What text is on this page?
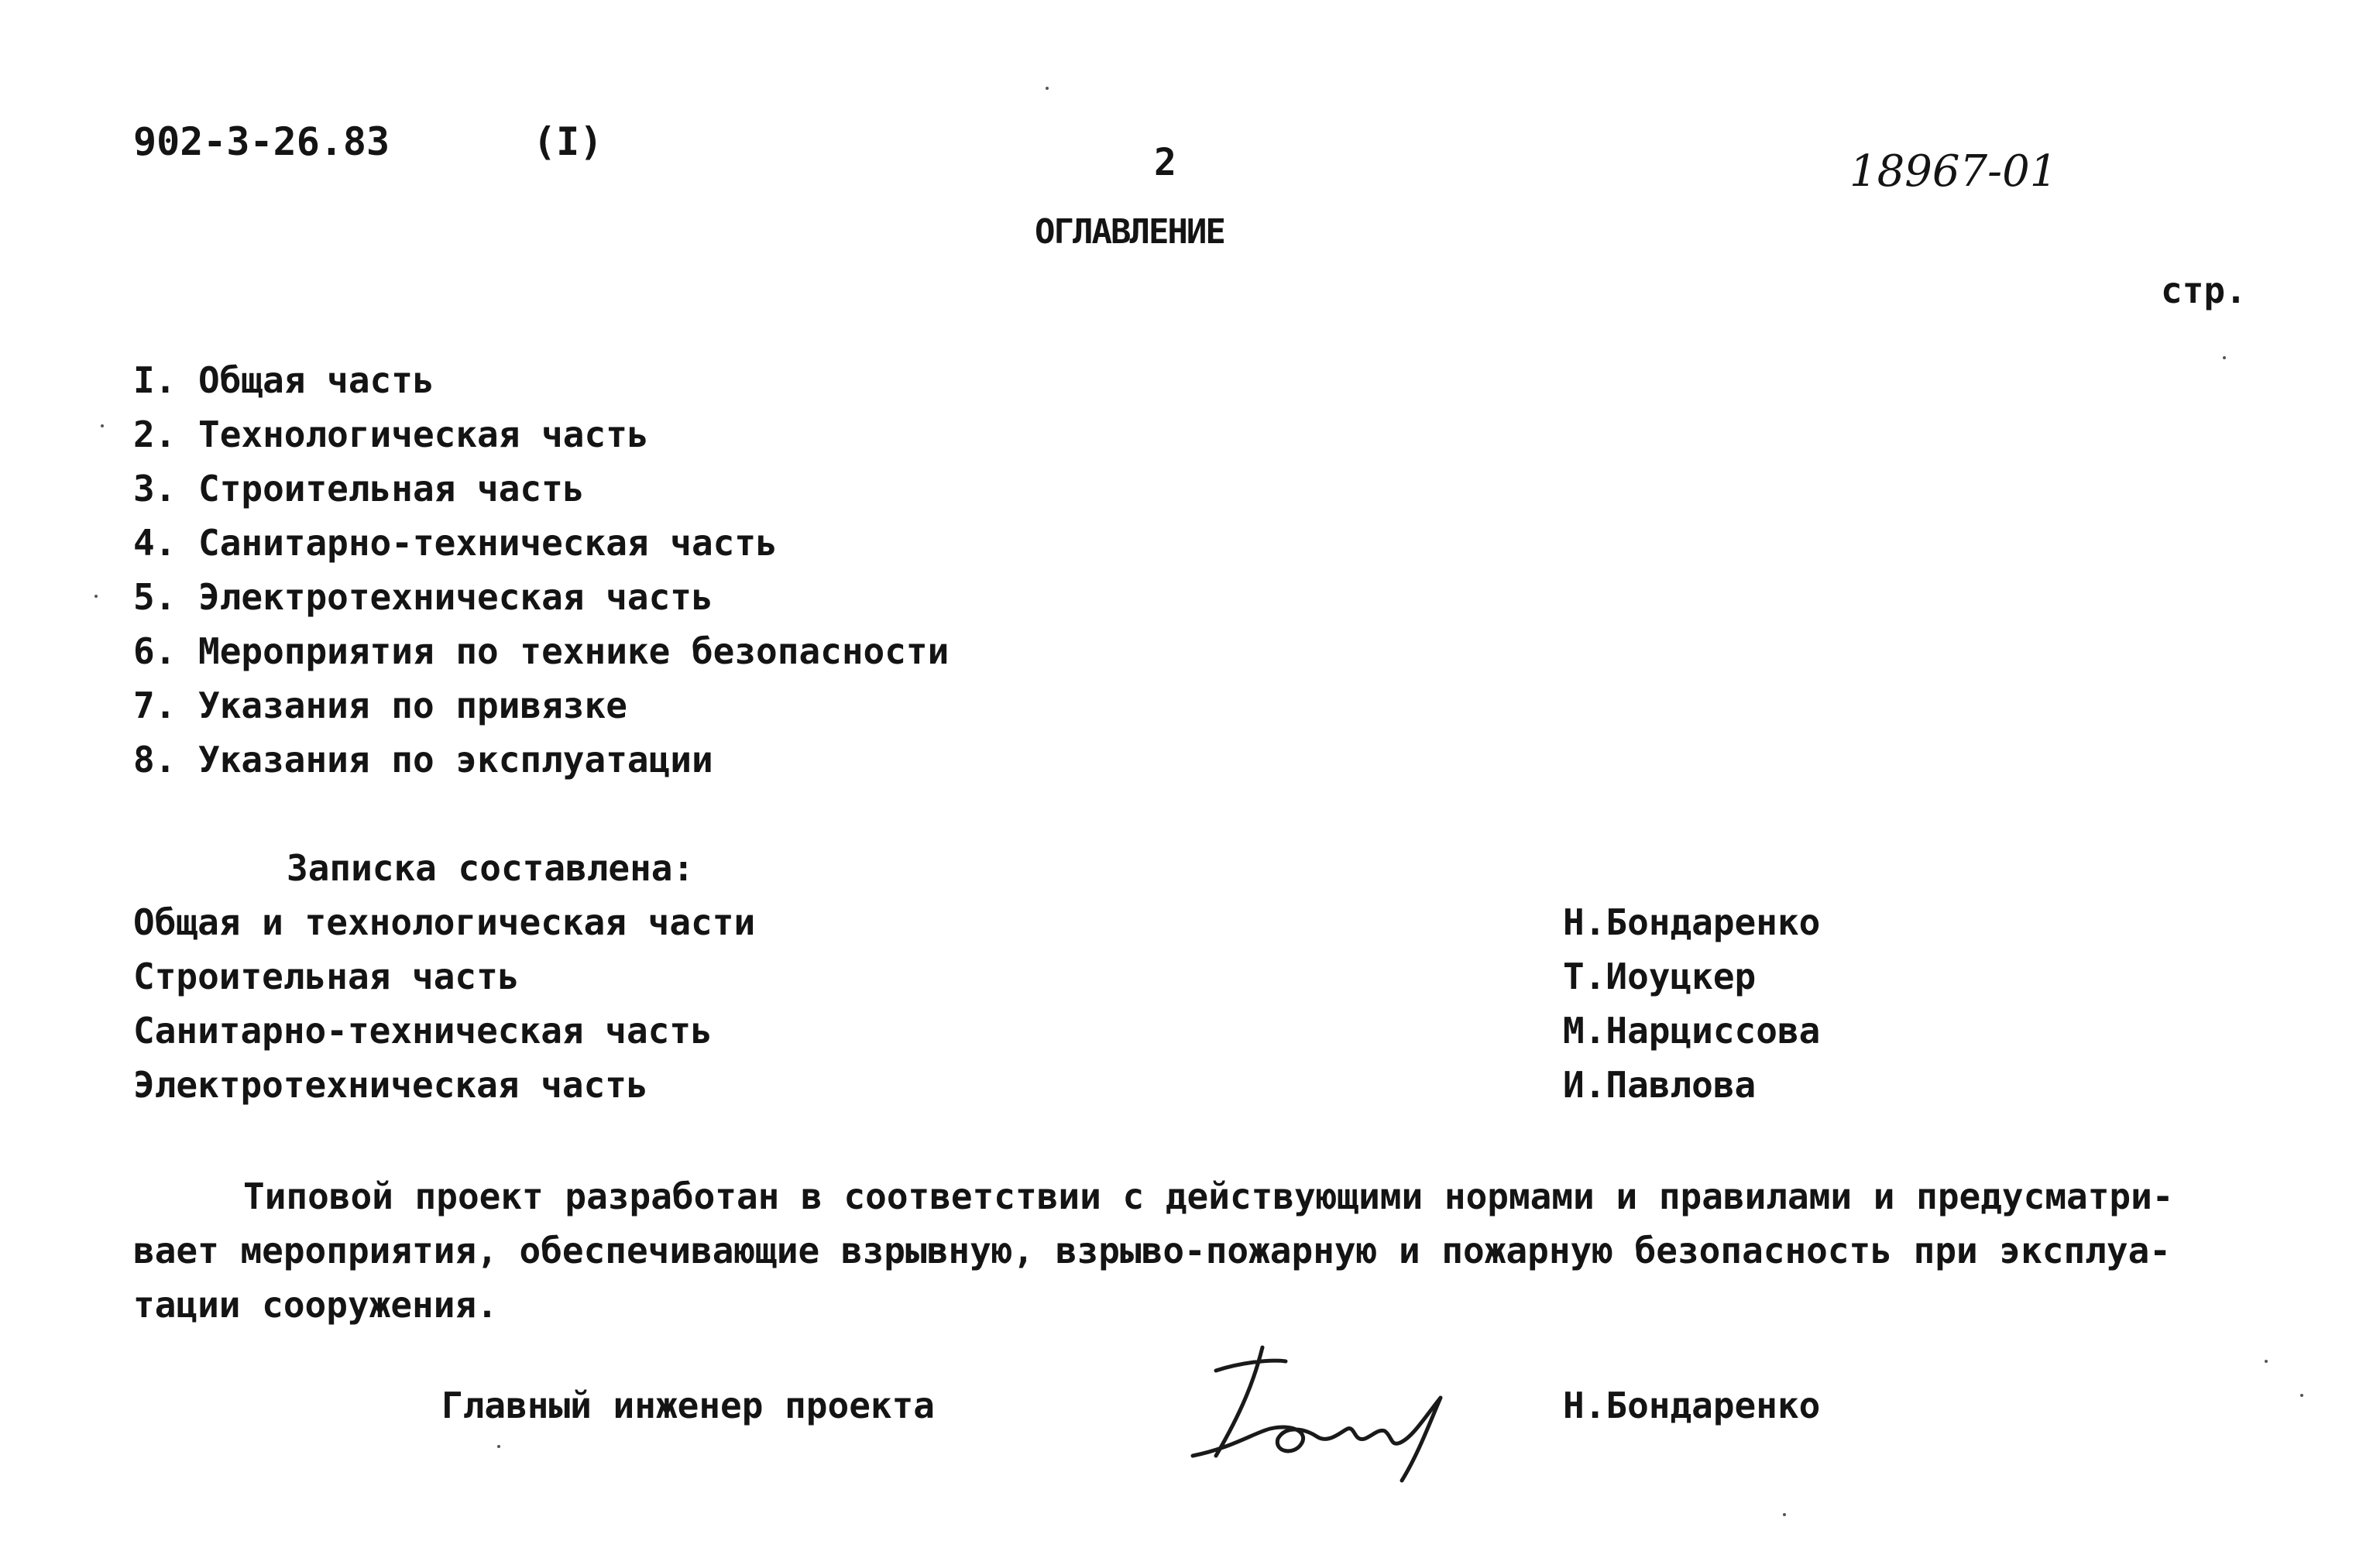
902-3-26.83	(I)	2	18967-01
ОГЛАВЛЕНИЕ
стр.
I. Общая часть
2. Технологическая часть
3. Строительная часть
4. Санитарно-техническая часть
5. Электротехническая часть
6. Мероприятия по технике безопасности
7. Указания по привязке
8. Указания по эксплуатации
Записка составлена:
Общая и технологическая части	Н.Бондаренко
Строительная часть	Т.Иоуцкер
Санитарно-техническая часть	М.Нарциссова
Электротехническая часть	И.Павлова
Типовой проект разработан в соответствии с действующими нормами и правилами и предусматри-
вает мероприятия, обеспечивающие взрывную, взрыво-пожарную и пожарную безопасность при эксплуа-
тации сооружения.
Главный инженер проекта	Н.Бондаренко
